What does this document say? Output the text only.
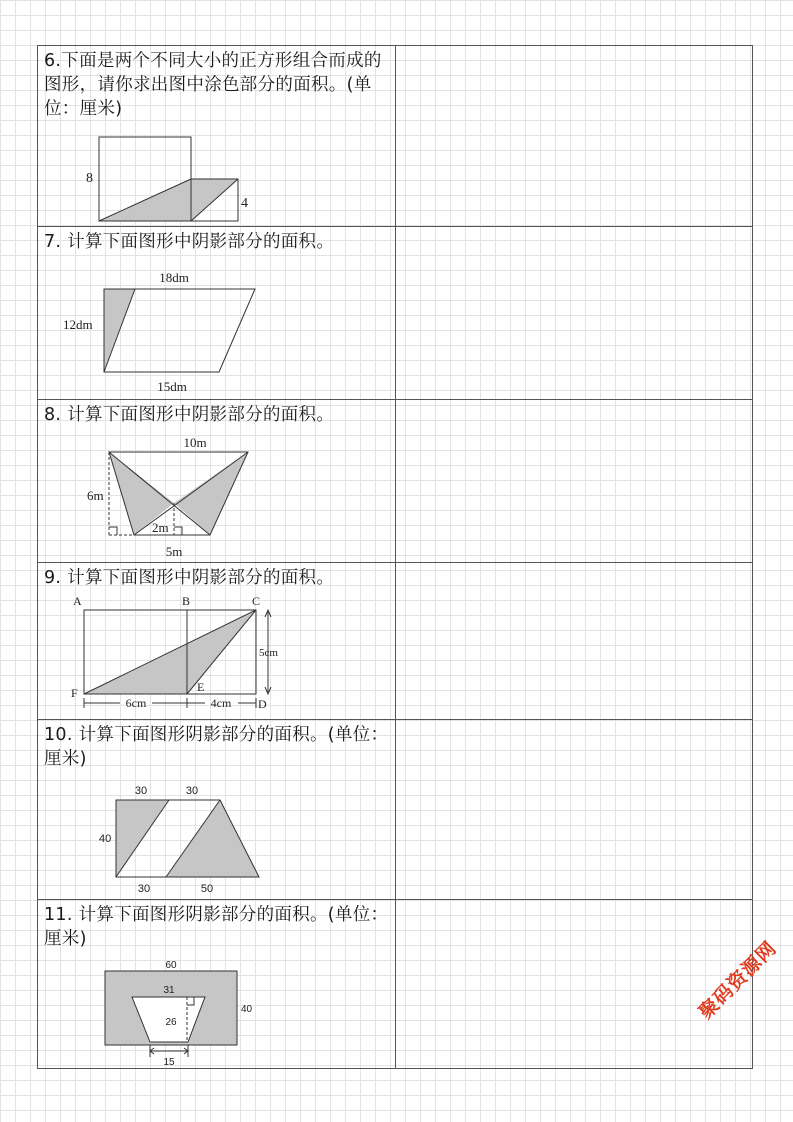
6.下面是两个不同大小的正方形组合而成的图形，请你求出图中涂色部分的面积。(单位：厘米)
8
4
7. 计算下面图形中阴影部分的面积。
18dm
12dm
15dm
8. 计算下面图形中阴影部分的面积。
10m
6m
2m
5m
9. 计算下面图形中阴影部分的面积。
A	B	C
D
E
F
6cm	4cm
5cm
10. 计算下面图形阴影部分的面积。(单位：厘米)
30	30
40
30	50
11. 计算下面图形阴影部分的面积。(单位：厘米)
60
31
26
40
15
聚码资源网
